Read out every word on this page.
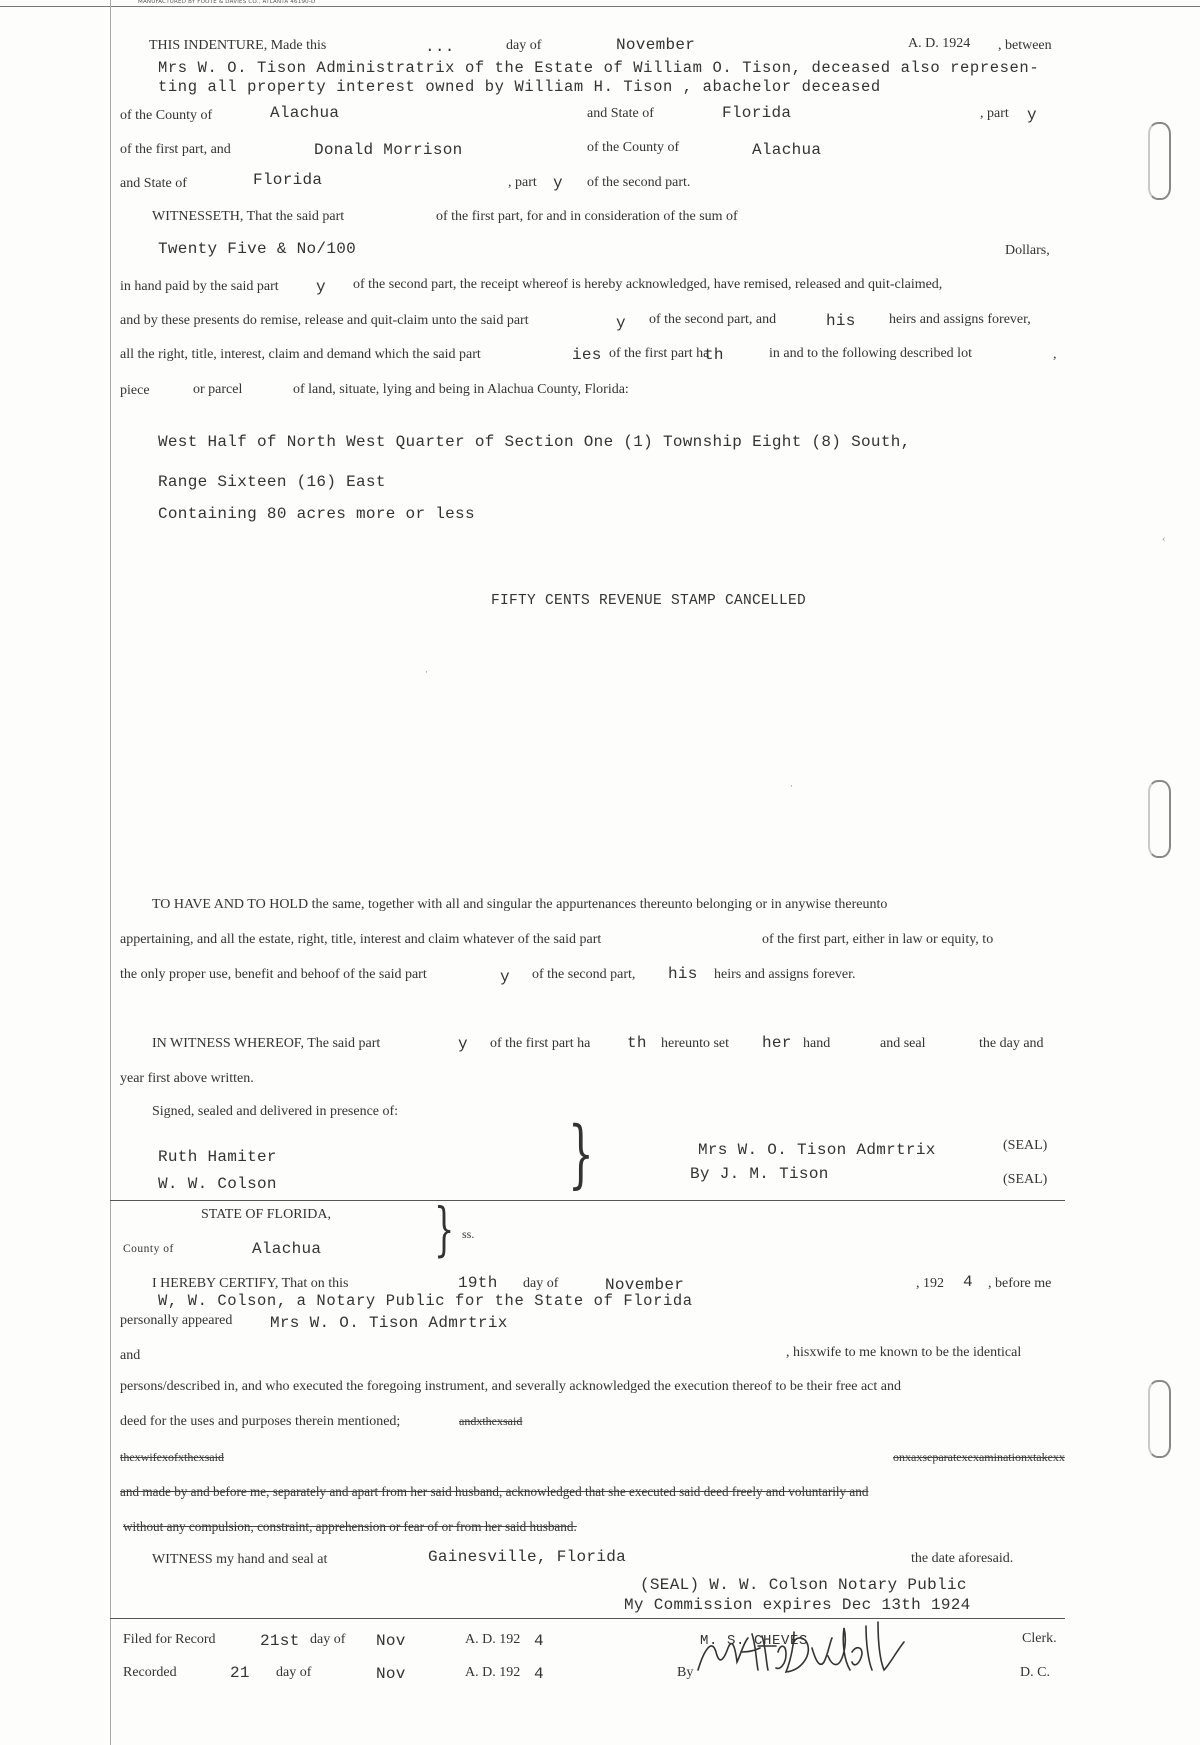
MANUFACTURED BY FOOTE & DAVIES CO., ATLANTA 46190-D
THIS INDENTURE, Made this	...	day of	November	A. D. 1924 , between
Mrs W. O. Tison Administratrix of the Estate of William O. Tison, deceased also represen-
ting all property interest owned by William H. Tison , abachelor deceased
of the County of	Alachua	and State of	Florida	, part y
of the first part, and	Donald Morrison	of the County of	Alachua
and State of	Florida	, part y of the second part.
WITNESSETH, That the said part	of the first part, for and in consideration of the sum of
Twenty Five & No/100	Dollars,
in hand paid by the said part y of the second part, the receipt whereof is hereby acknowledged, have remised, released and quit-claimed,
and by these presents do remise, release and quit-claim unto the said part	y of the second part, and	his heirs and assigns forever,
all the right, title, interest, claim and demand which the said part	ies of the first part ha
th	in and to the following described lot	,
piece	or parcel	of land, situate, lying and being in Alachua County, Florida:
West Half of North West Quarter of Section One (1) Township Eight (8) South,
Range Sixteen (16) East
Containing 80 acres more or less
FIFTY CENTS REVENUE STAMP CANCELLED
TO HAVE AND TO HOLD the same, together with all and singular the appurtenances thereunto belonging or in anywise thereunto
appertaining, and all the estate, right, title, interest and claim whatever of the said part	of the first part, either in law or equity, to
the only proper use, benefit and behoof of the said part	y of the second part, his heirs and assigns forever.
IN WITNESS WHEREOF, The said part	y of the first part ha th hereunto set her hand	and seal	the day and
year first above written.
Signed, sealed and delivered in presence of:
Ruth Hamiter
W. W. Colson	}	Mrs W. O. Tison Admrtrix
By J. M. Tison
(SEAL)
(SEAL)
STATE OF FLORIDA,
County of	Alachua } ss.
I HEREBY CERTIFY, That on this	19th day of	November	, 192 4 , before me
W, W. Colson, a Notary Public for the State of Florida
personally appeared Mrs W. O. Tison Admrtrix
and	, hisxwife to me known to be the identical
persons/described in, and who executed the foregoing instrument, and severally acknowledged the execution thereof to be their free act and
deed for the uses and purposes therein mentioned;	andxthexsaid
thexwifexofxthexsaid	onxaxseparatexexaminationxtakexx
and made by and before me, separately and apart from her said husband, acknowledged that she executed said deed freely and voluntarily and
without any compulsion, constraint, apprehension or fear of or from her said husband.
WITNESS my hand and seal at	Gainesville, Florida	the date aforesaid.
(SEAL) W. W. Colson Notary Public
My Commission expires Dec 13th 1924
Filed for Record	21st day of Nov	A. D. 192 4	M. S. CHEVES	Clerk.
Recorded	21 day of	Nov	A. D. 192 4	By	D. C.
‹
·
·
